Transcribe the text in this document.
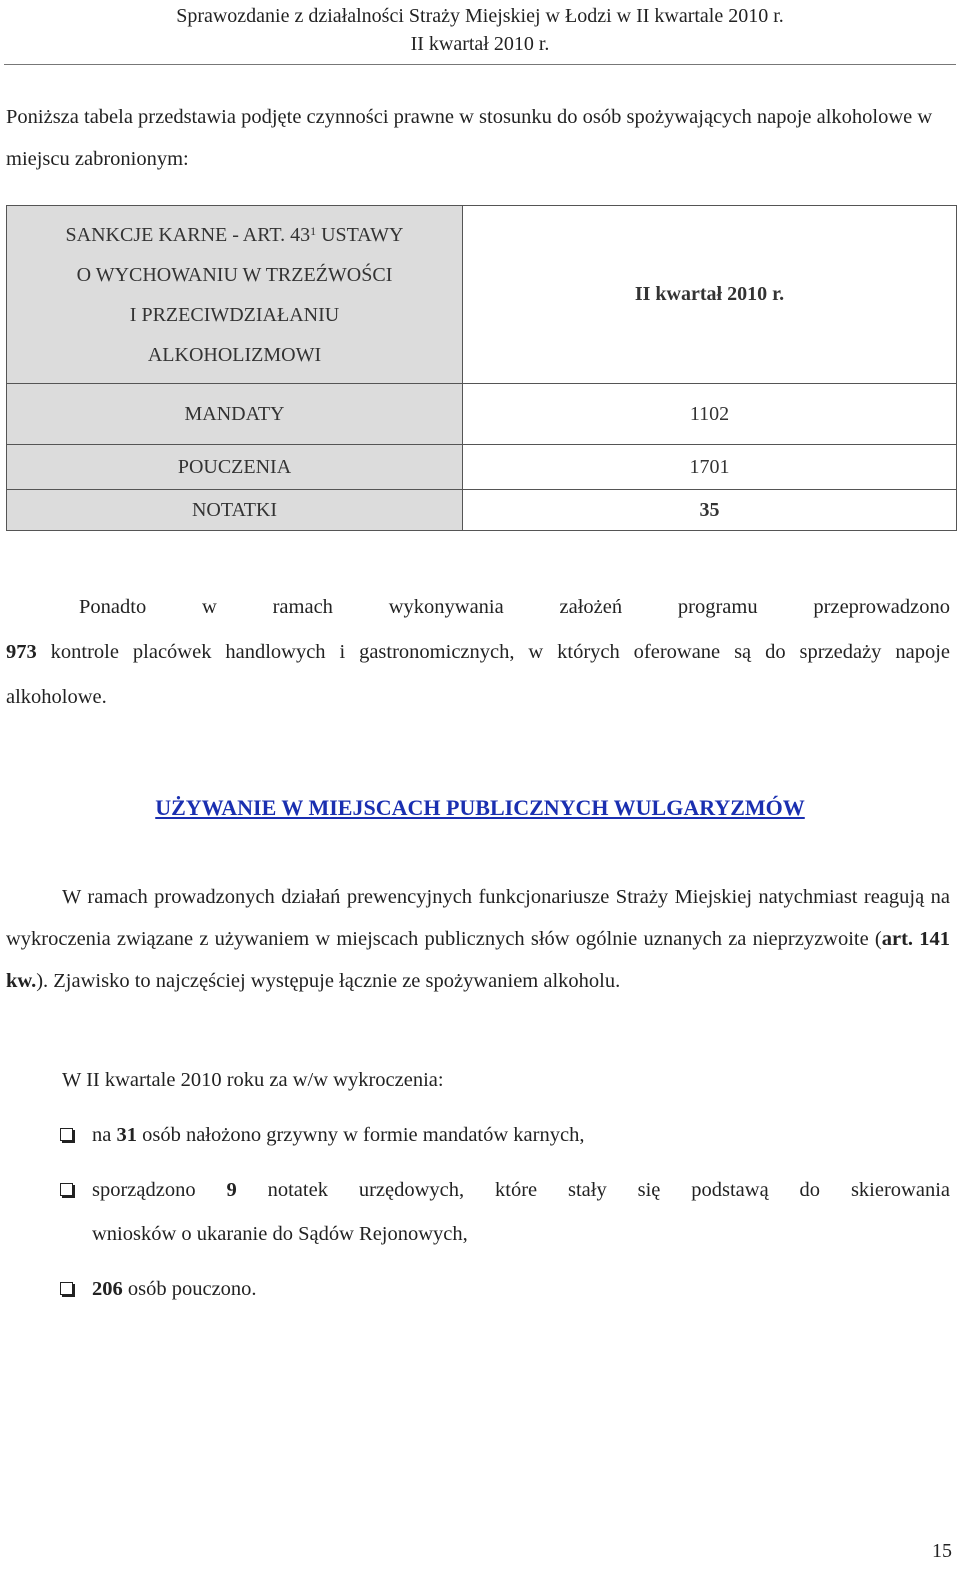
Sprawozdanie z działalności Straży Miejskiej w Łodzi w II kwartale 2010 r.
II kwartał 2010 r.

Poniższa tabela przedstawia podjęte czynności prawne w stosunku do osób spożywających napoje alkoholowe w miejscu zabronionym:

SANKCJE KARNE - ART. $43^1$ USTAWY
O WYCHOWANIU W TRZEŹWOŚCI
I PRZECIWDZIAŁANIU
ALKOHOLIZMOWI	II kwartał 2010 r.
MANDATY	1102
POUCZENIA	1701
NOTATKI	35
Ponadto w ramach wykonywania założeń programu przeprowadzono
973 kontrole placówek handlowych i gastronomicznych, w których oferowane są do sprzedaży napoje alkoholowe.
UŻYWANIE W MIEJSCACH PUBLICZNYCH WULGARYZMÓW

W ramach prowadzonych działań prewencyjnych funkcjonariusze Straży Miejskiej natychmiast reagują na wykroczenia związane z używaniem w miejscach publicznych słów ogólnie uznanych za nieprzyzwoite (art. 141 kw.). Zjawisko to najczęściej występuje łącznie ze spożywaniem alkoholu.

W II kwartale 2010 roku za w/w wykroczenia:

na 31 osób nałożono grzywny w formie mandatów karnych,
sporządzono 9 notatek urzędowych, które stały się podstawą do skierowania
wniosków o ukaranie do Sądów Rejonowych,
206 osób pouczono.
15
